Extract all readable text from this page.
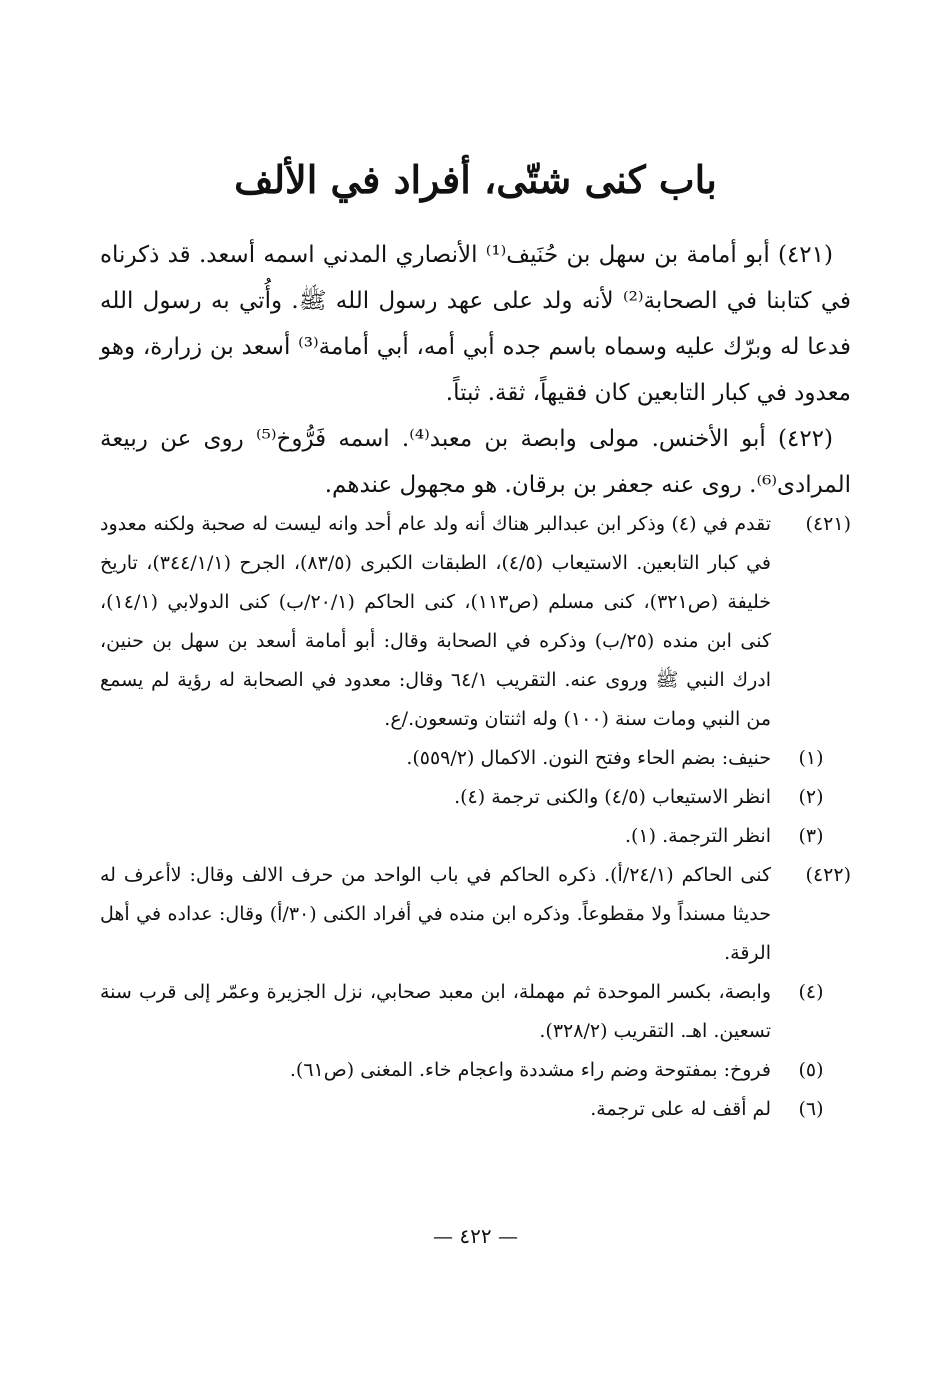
باب كنى شتّى، أفراد في الألف

(٤٢١) أبو أمامة بن سهل بن حُنَيف⁽¹⁾ الأنصاري المدني اسمه أسعد. قد ذكرناه في كتابنا في الصحابة⁽²⁾ لأنه ولد على عهد رسول الله ﷺ. وأُتي به رسول الله فدعا له وبرّك عليه وسماه باسم جده أبي أمه، أبي أمامة⁽³⁾ أسعد بن زرارة، وهو معدود في كبار التابعين كان فقيهاً، ثقة. ثبتاً.

(٤٢٢) أبو الأخنس. مولى وابصة بن معبد⁽⁴⁾. اسمه فَرُّوخ⁽⁵⁾ روى عن ربيعة المرادى⁽⁶⁾. روى عنه جعفر بن برقان. هو مجهول عندهم.

(٤٢١)
تقدم في (٤) وذكر ابن عبدالبر هناك أنه ولد عام أحد وانه ليست له صحبة ولكنه معدود في كبار التابعين. الاستيعاب (٤/٥)، الطبقات الكبرى (٨٣/٥)، الجرح (٣٤٤/١/١)، تاريخ خليفة (ص٣٢١)، كنى مسلم (ص١١٣)، كنى الحاكم (٢٠/١/ب) كنى الدولابي (١٤/١)، كنى ابن منده (٢٥/ب) وذكره في الصحابة وقال: أبو أمامة أسعد بن سهل بن حنين، ادرك النبي ﷺ وروى عنه. التقريب ٦٤/١ وقال: معدود في الصحابة له رؤية لم يسمع من النبي ومات سنة (١٠٠) وله اثنتان وتسعون./ع.
(١)
حنيف: بضم الحاء وفتح النون. الاكمال (٥٥٩/٢).
(٢)
انظر الاستيعاب (٤/٥) والكنى ترجمة (٤).
(٣)
انظر الترجمة. (١).
(٤٢٢)
كنى الحاكم (٢٤/١/أ). ذكره الحاكم في باب الواحد من حرف الالف وقال: لاأعرف له حديثا مسنداً ولا مقطوعاً. وذكره ابن منده في أفراد الكنى (٣٠/أ) وقال: عداده في أهل الرقة.
(٤)
وابصة، بكسر الموحدة ثم مهملة، ابن معبد صحابي، نزل الجزيرة وعمّر إلى قرب سنة تسعين. اهـ. التقريب (٣٢٨/٢).
(٥)
فروخ: بمفتوحة وضم راء مشددة واعجام خاء. المغنى (ص٦١).
(٦)
لم أقف له على ترجمة.
— ٤٢٢ —
